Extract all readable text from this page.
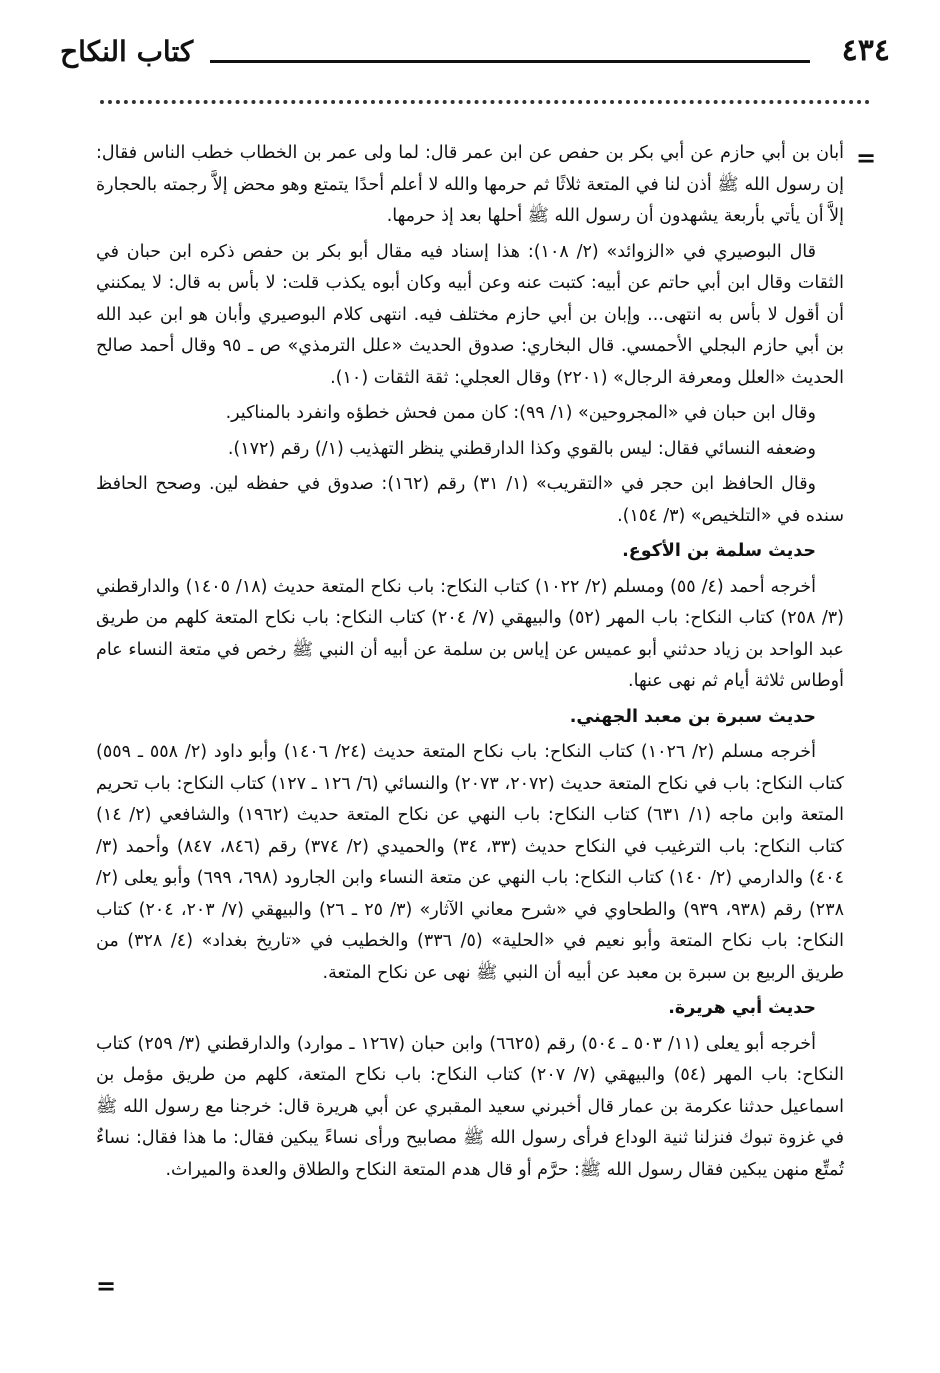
٤٣٤
كتاب النكاح
=

أبان بن أبي حازم عن أبي بكر بن حفص عن ابن عمر قال: لما ولى عمر بن الخطاب خطب الناس فقال: إن رسول الله ﷺ أذن لنا في المتعة ثلاثًا ثم حرمها والله لا أعلم أحدًا يتمتع وهو محض إلاَّ رجمته بالحجارة إلاَّ أن يأتي بأربعة يشهدون أن رسول الله ﷺ أحلها بعد إذ حرمها.

قال البوصيري في «الزوائد» (٢/ ١٠٨): هذا إسناد فيه مقال أبو بكر بن حفص ذكره ابن حبان في الثقات وقال ابن أبي حاتم عن أبيه: كتبت عنه وعن أبيه وكان أبوه يكذب قلت: لا بأس به قال: لا يمكنني أن أقول لا بأس به انتهى... وإبان بن أبي حازم مختلف فيه. انتهى كلام البوصيري وأبان هو ابن عبد الله بن أبي حازم البجلي الأحمسي. قال البخاري: صدوق الحديث «علل الترمذي» ص ـ ٩٥ وقال أحمد صالح الحديث «العلل ومعرفة الرجال» (٢٢٠١) وقال العجلي: ثقة الثقات (١٠).

وقال ابن حبان في «المجروحين» (١/ ٩٩): كان ممن فحش خطؤه وانفرد بالمناكير.

وضعفه النسائي فقال: ليس بالقوي وكذا الدارقطني ينظر التهذيب (١/) رقم (١٧٢).

وقال الحافظ ابن حجر في «التقريب» (١/ ٣١) رقم (١٦٢): صدوق في حفظه لين. وصحح الحافظ سنده في «التلخيص» (٣/ ١٥٤).

حديث سلمة بن الأكوع.

أخرجه أحمد (٤/ ٥٥) ومسلم (٢/ ١٠٢٢) كتاب النكاح: باب نكاح المتعة حديث (١٨/ ١٤٠٥) والدارقطني (٣/ ٢٥٨) كتاب النكاح: باب المهر (٥٢) والبيهقي (٧/ ٢٠٤) كتاب النكاح: باب نكاح المتعة كلهم من طريق عبد الواحد بن زياد حدثني أبو عميس عن إياس بن سلمة عن أبيه أن النبي ﷺ رخص في متعة النساء عام أوطاس ثلاثة أيام ثم نهى عنها.

حديث سبرة بن معبد الجهني.

أخرجه مسلم (٢/ ١٠٢٦) كتاب النكاح: باب نكاح المتعة حديث (٢٤/ ١٤٠٦) وأبو داود (٢/ ٥٥٨ ـ ٥٥٩) كتاب النكاح: باب في نكاح المتعة حديث (٢٠٧٢، ٢٠٧٣) والنسائي (٦/ ١٢٦ ـ ١٢٧) كتاب النكاح: باب تحريم المتعة وابن ماجه (١/ ٦٣١) كتاب النكاح: باب النهي عن نكاح المتعة حديث (١٩٦٢) والشافعي (٢/ ١٤) كتاب النكاح: باب الترغيب في النكاح حديث (٣٣، ٣٤) والحميدي (٢/ ٣٧٤) رقم (٨٤٦، ٨٤٧) وأحمد (٣/ ٤٠٤) والدارمي (٢/ ١٤٠) كتاب النكاح: باب النهي عن متعة النساء وابن الجارود (٦٩٨، ٦٩٩) وأبو يعلى (٢/ ٢٣٨) رقم (٩٣٨، ٩٣٩) والطحاوي في «شرح معاني الآثار» (٣/ ٢٥ ـ ٢٦) والبيهقي (٧/ ٢٠٣، ٢٠٤) كتاب النكاح: باب نكاح المتعة وأبو نعيم في «الحلية» (٥/ ٣٣٦) والخطيب في «تاريخ بغداد» (٤/ ٣٢٨) من طريق الربيع بن سبرة بن معبد عن أبيه أن النبي ﷺ نهى عن نكاح المتعة.

حديث أبي هريرة.

أخرجه أبو يعلى (١١/ ٥٠٣ ـ ٥٠٤) رقم (٦٦٢٥) وابن حبان (١٢٦٧ ـ موارد) والدارقطني (٣/ ٢٥٩) كتاب النكاح: باب المهر (٥٤) والبيهقي (٧/ ٢٠٧) كتاب النكاح: باب نكاح المتعة، كلهم من طريق مؤمل بن اسماعيل حدثنا عكرمة بن عمار قال أخبرني سعيد المقبري عن أبي هريرة قال: خرجنا مع رسول الله ﷺ في غزوة تبوك فنزلنا ثنية الوداع فرأى رسول الله ﷺ مصابيح ورأى نساءً يبكين فقال: ما هذا فقال: نساءٌ تُمتِّع منهن يبكين فقال رسول الله ﷺ: حرَّم أو قال هدم المتعة النكاح والطلاق والعدة والميراث.

=
